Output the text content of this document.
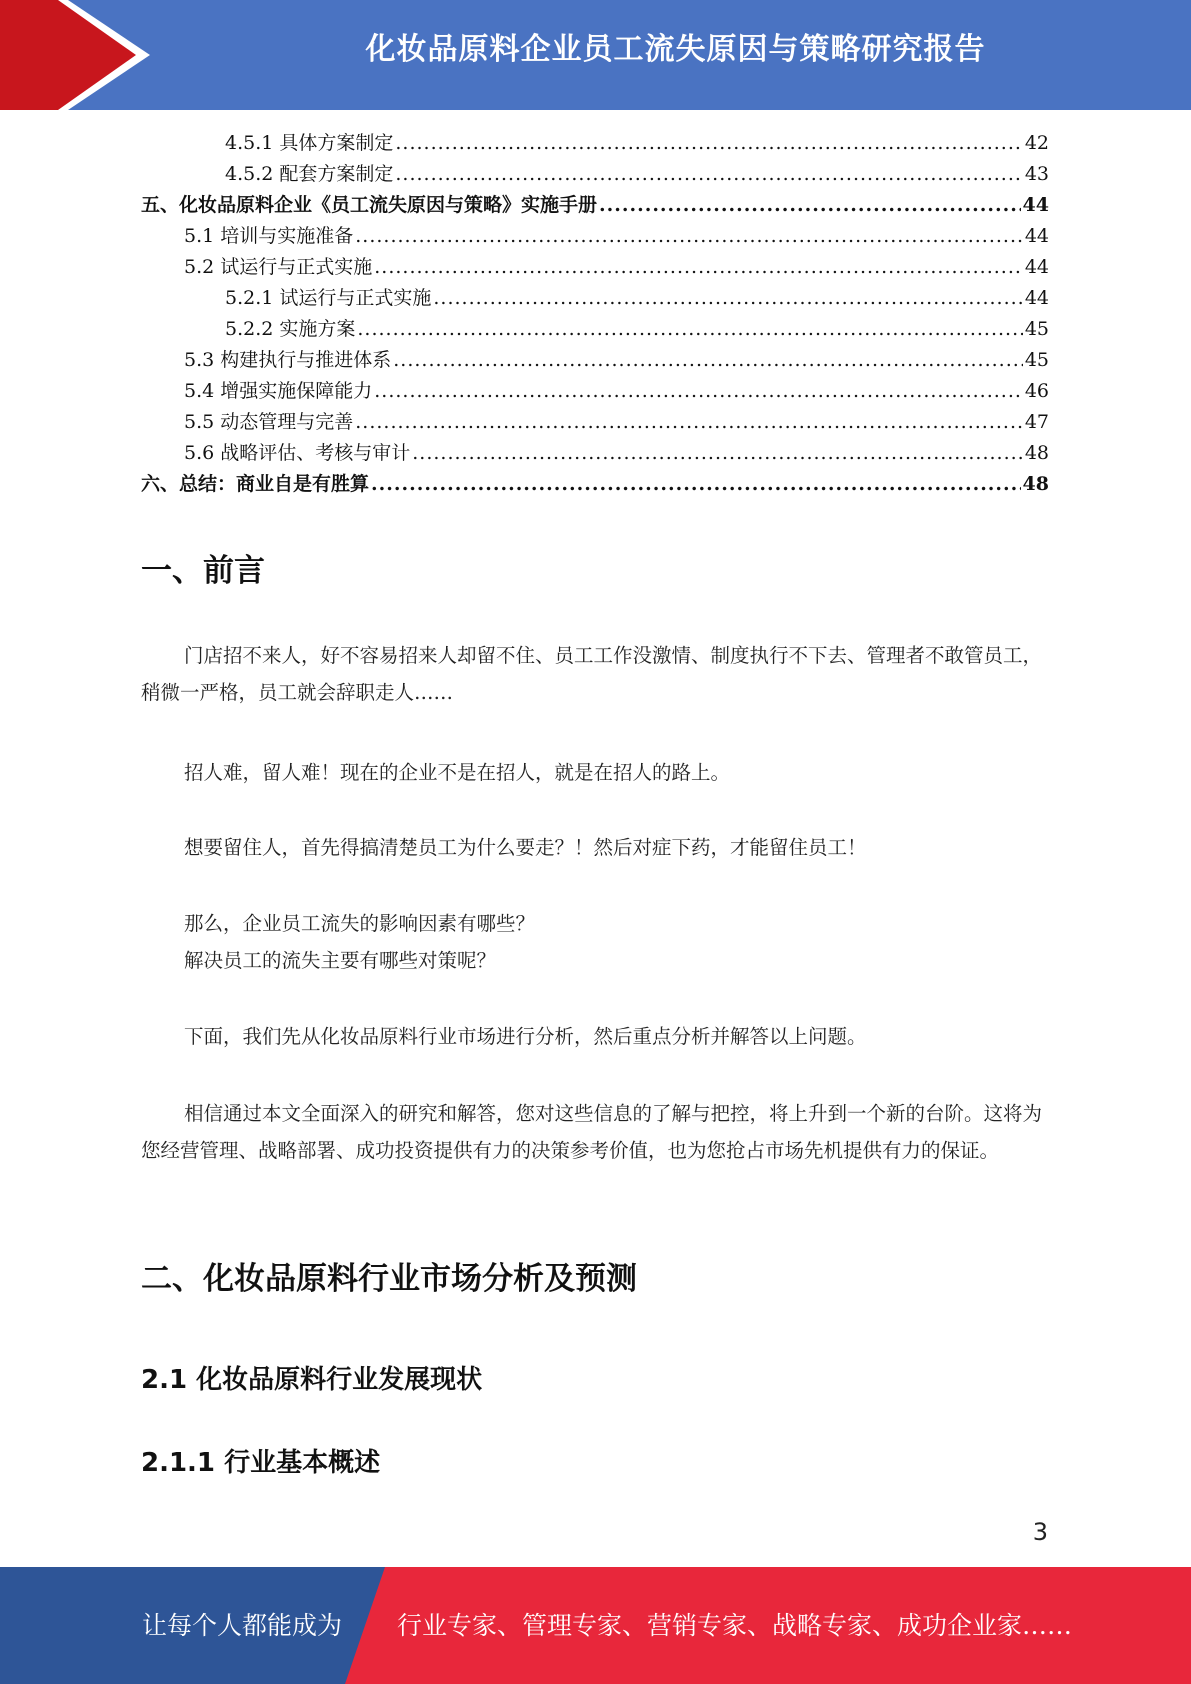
化妆品原料企业员工流失原因与策略研究报告
4.5.1 具体方案制定 .....	42
4.5.2 配套方案制定 .....	43
五、化妆品原料企业《员工流失原因与策略》实施手册 .....	44
5.1 培训与实施准备 .....	44
5.2 试运行与正式实施 .....	44
5.2.1 试运行与正式实施 .....	44
5.2.2 实施方案 .....	45
5.3 构建执行与推进体系 .....	45
5.4 增强实施保障能力 .....	46
5.5 动态管理与完善 .....	47
5.6 战略评估、考核与审计 .....	48
六、总结：商业自是有胜算 .....	48
一、前言

门店招不来人，好不容易招来人却留不住、员工工作没激情、制度执行不下去、管理者不敢管员工，稍微一严格，员工就会辞职走人……

招人难，留人难！现在的企业不是在招人，就是在招人的路上。

想要留住人，首先得搞清楚员工为什么要走？！然后对症下药，才能留住员工！

那么，企业员工流失的影响因素有哪些？

解决员工的流失主要有哪些对策呢？

下面，我们先从化妆品原料行业市场进行分析，然后重点分析并解答以上问题。

相信通过本文全面深入的研究和解答，您对这些信息的了解与把控，将上升到一个新的台阶。这将为您经营管理、战略部署、成功投资提供有力的决策参考价值，也为您抢占市场先机提供有力的保证。

二、化妆品原料行业市场分析及预测
2.1 化妆品原料行业发展现状
2.1.1 行业基本概述
3
让每个人都能成为 行业专家、管理专家、营销专家、战略专家、成功企业家……
